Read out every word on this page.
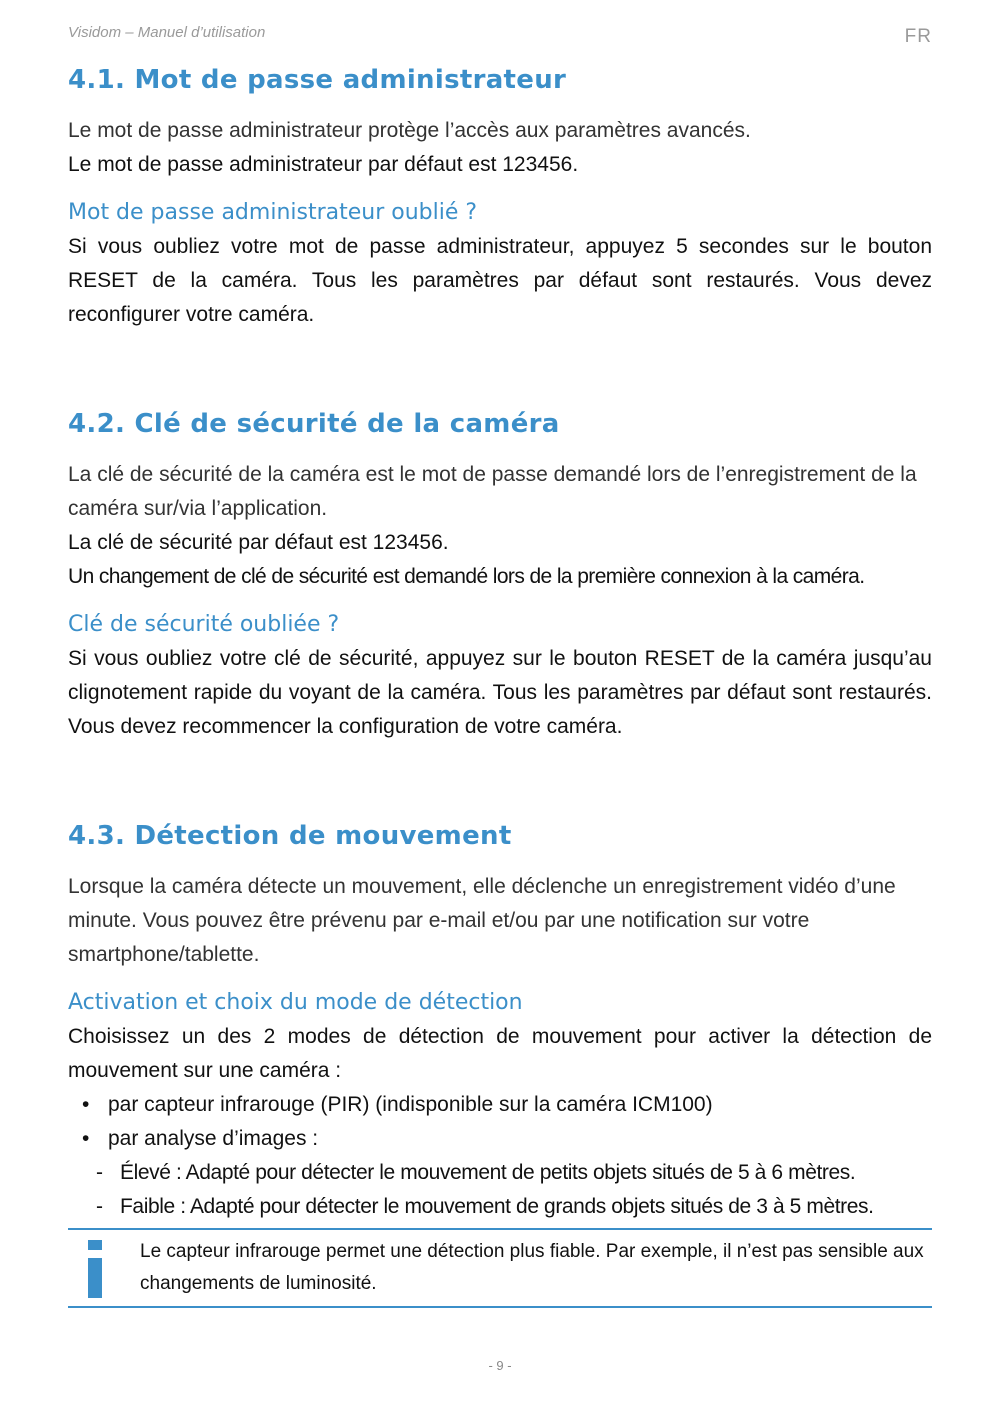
Visidom – Manuel d’utilisation	FR
4.1. Mot de passe administrateur

Le mot de passe administrateur protège l’accès aux paramètres avancés.

Le mot de passe administrateur par défaut est 123456.

Mot de passe administrateur oublié ?

Si vous oubliez votre mot de passe administrateur, appuyez 5 secondes sur le bouton RESET de la caméra. Tous les paramètres par défaut sont restaurés. Vous devez reconfigurer votre caméra.

4.2. Clé de sécurité de la caméra

La clé de sécurité de la caméra est le mot de passe demandé lors de l’enregistrement de la caméra sur/via l’application.

La clé de sécurité par défaut est 123456.

Un changement de clé de sécurité est demandé lors de la première connexion à la caméra.

Clé de sécurité oubliée ?

Si vous oubliez votre clé de sécurité, appuyez sur le bouton RESET de la caméra jusqu’au clignotement rapide du voyant de la caméra. Tous les paramètres par défaut sont restaurés. Vous devez recommencer la configuration de votre caméra.

4.3. Détection de mouvement

Lorsque la caméra détecte un mouvement, elle déclenche un enregistrement vidéo d’une minute. Vous pouvez être prévenu par e-mail et/ou par une notification sur votre smartphone/tablette.

Activation et choix du mode de détection

Choisissez un des 2 modes de détection de mouvement pour activer la détection de mouvement sur une caméra :

• par capteur infrarouge (PIR) (indisponible sur la caméra ICM100)
• par analyse d’images :
- Élevé : Adapté pour détecter le mouvement de petits objets situés de 5 à 6 mètres.
- Faible : Adapté pour détecter le mouvement de grands objets situés de 3 à 5 mètres.
Le capteur infrarouge permet une détection plus fiable. Par exemple, il n’est pas sensible aux changements de luminosité.
- 9 -
